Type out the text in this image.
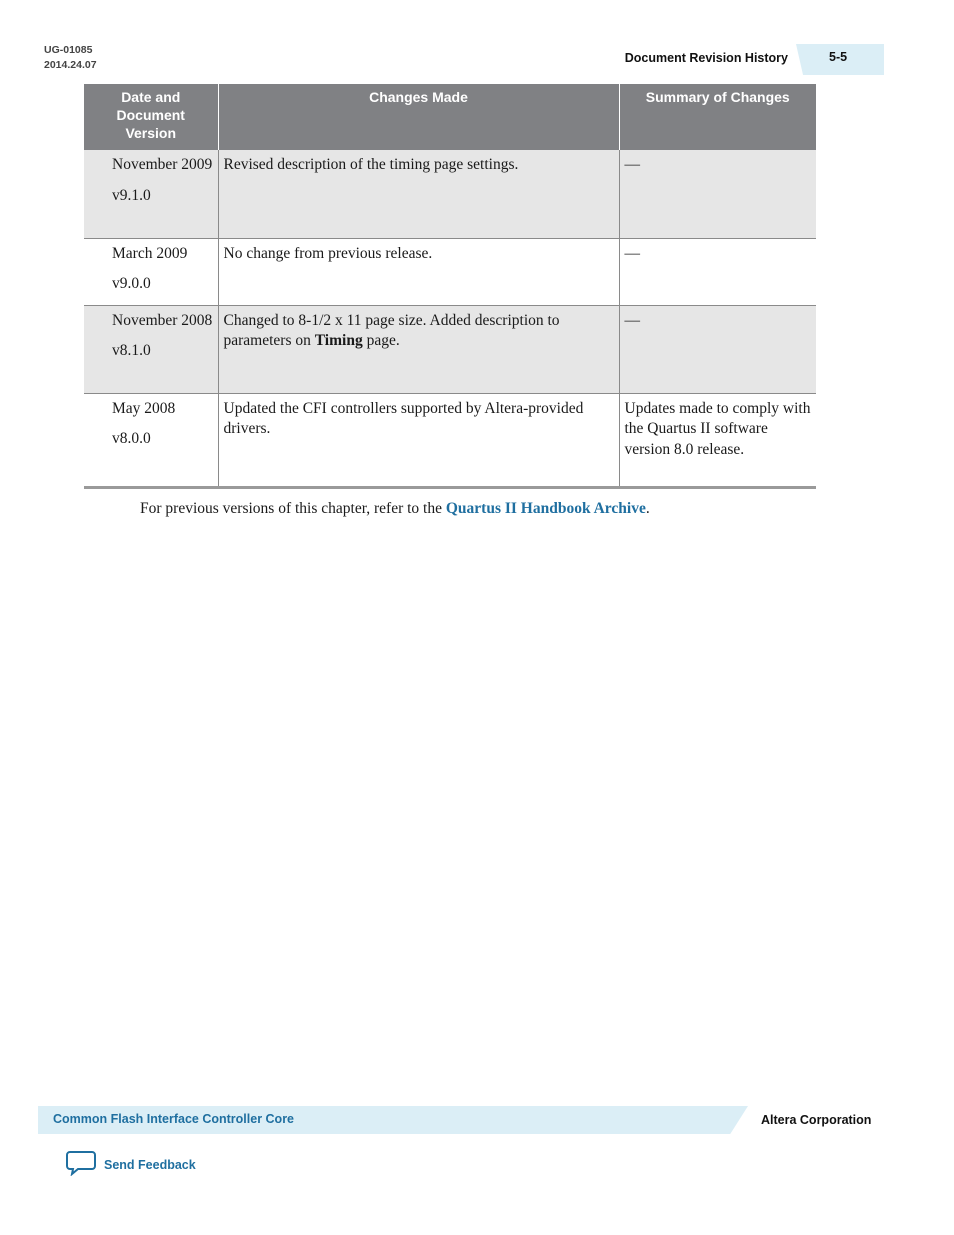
UG-01085
2014.24.07	Document Revision History	5-5
Date and Document Version	Changes Made	Summary of Changes

November 2009
v9.1.0	Revised description of the timing page settings.	—

March 2009
v9.0.0	No change from previous release.	—

November 2008
v8.1.0	Changed to 8-1/2 x 11 page size. Added description to parameters on Timing page.	—

May 2008
v8.0.0	Updated the CFI controllers supported by Altera-provided drivers.	Updates made to comply with the Quartus II software version 8.0 release.
For previous versions of this chapter, refer to the Quartus II Handbook Archive.
Common Flash Interface Controller Core	Altera Corporation
Send Feedback
